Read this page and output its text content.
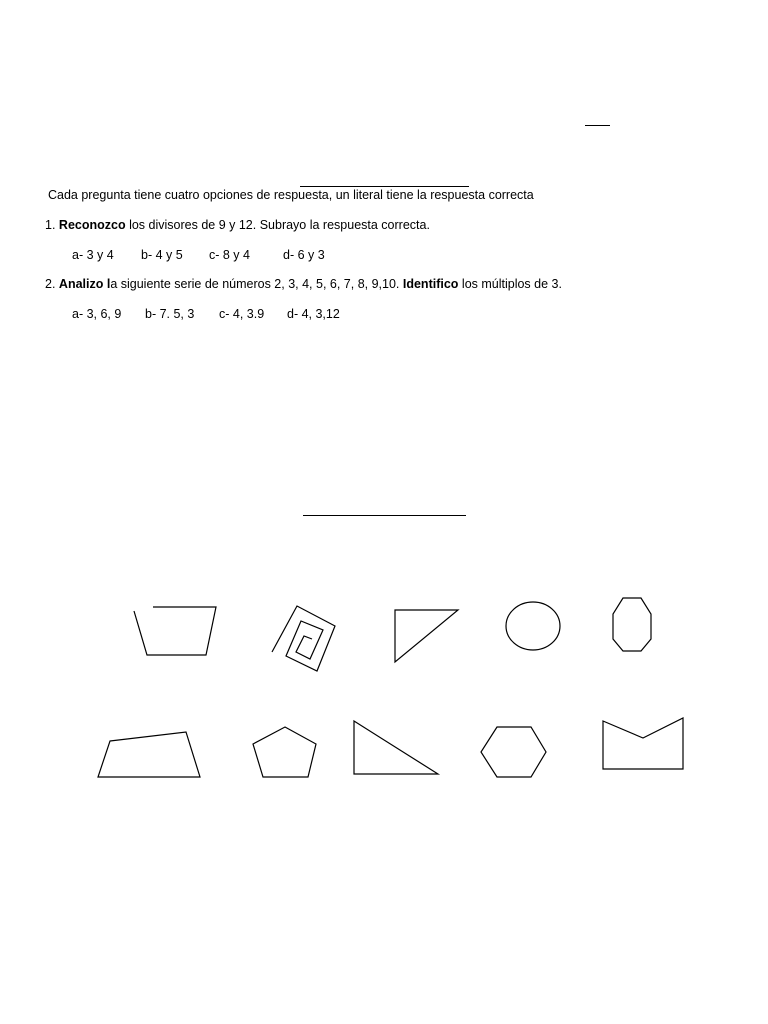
Cada pregunta tiene cuatro opciones de respuesta, un literal tiene la respuesta correcta
1. Reconozco los divisores de 9 y 12. Subrayo la respuesta correcta.
a- 3 y 4 b- 4 y 5 c- 8 y 4	d- 6 y 3
2. Analizo la siguiente serie de números 2, 3, 4, 5, 6, 7, 8, 9,10. Identifico los múltiplos de 3.
a- 3, 6, 9 b- 7. 5, 3 c- 4, 3.9 d- 4, 3,12
